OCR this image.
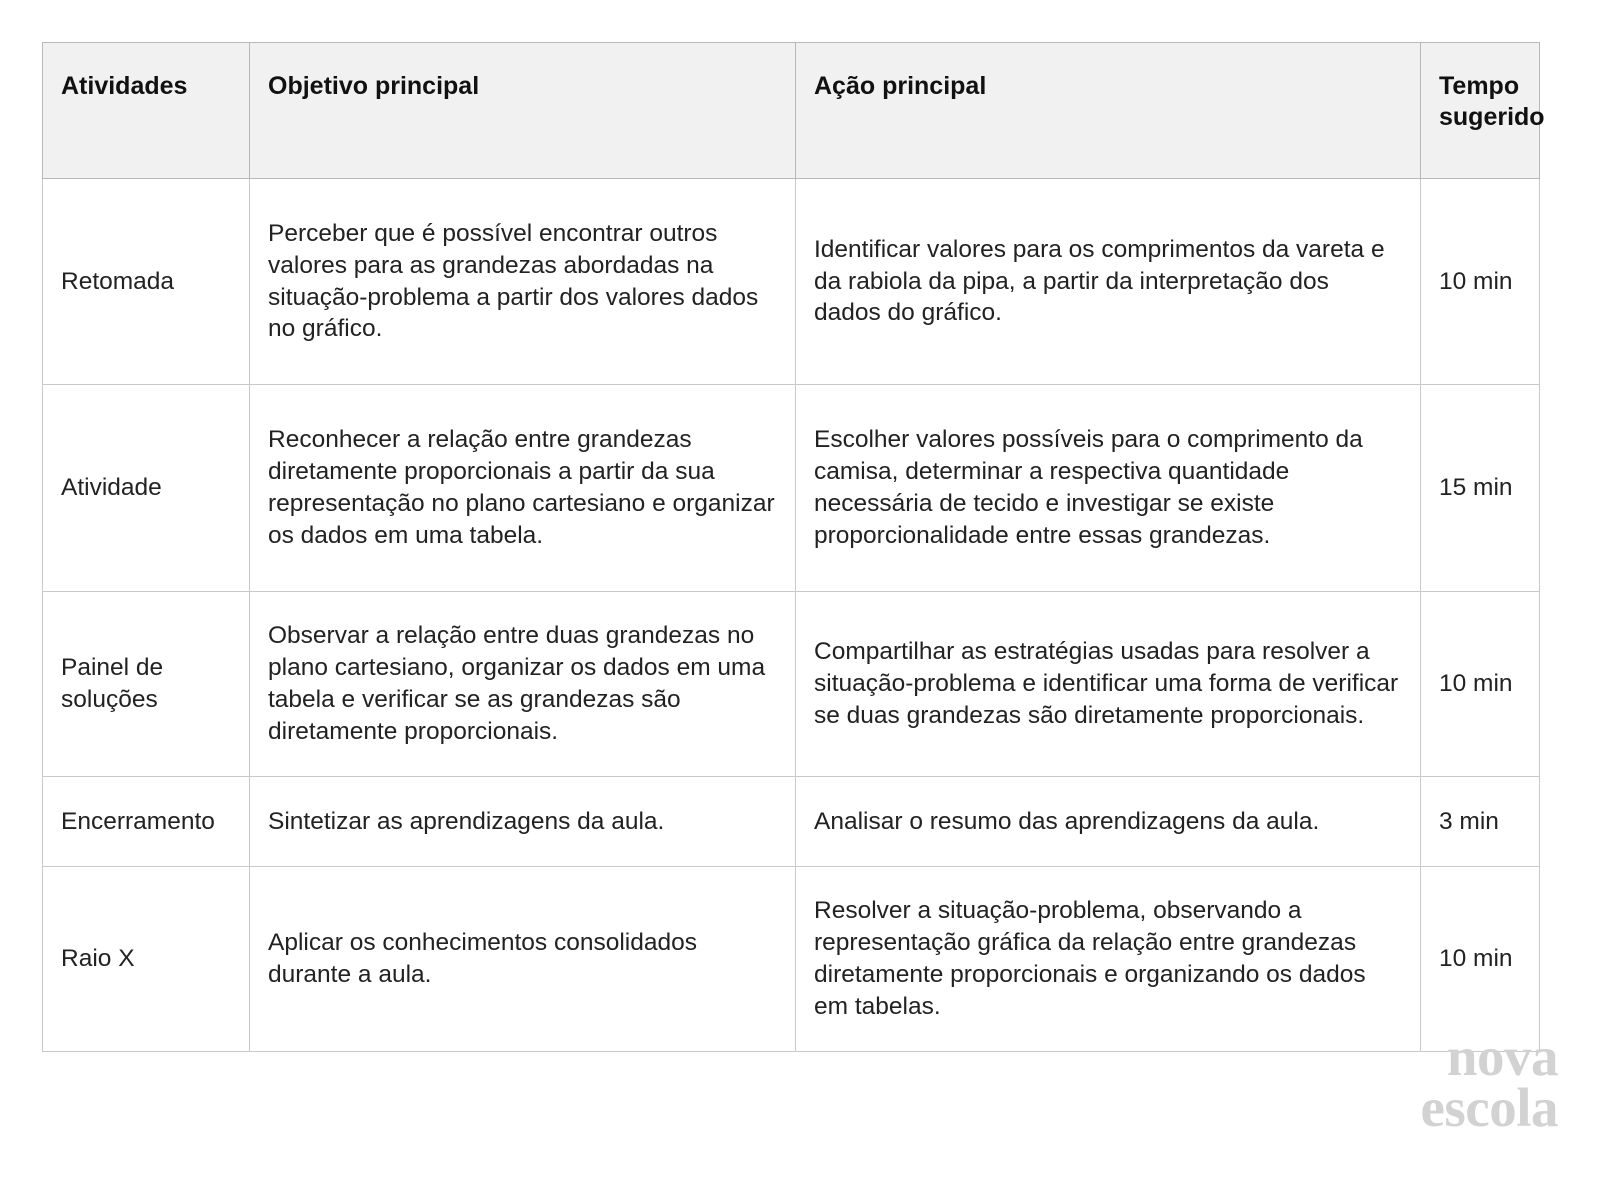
Atividades	Objetivo principal	Ação principal	Tempo sugerido
Retomada	Perceber que é possível encontrar outros valores para as grandezas abordadas na situação-problema a partir dos valores dados no gráfico.	Identificar valores para os comprimentos da vareta e da rabiola da pipa, a partir da interpretação dos dados do gráfico.	10 min
Atividade	Reconhecer a relação entre grandezas diretamente proporcionais a partir da sua representação no plano cartesiano e organizar os dados em uma tabela.	Escolher valores possíveis para o comprimento da camisa, determinar a respectiva quantidade necessária de tecido e investigar se existe proporcionalidade entre essas grandezas.	15 min
Painel de soluções	Observar a relação entre duas grandezas no plano cartesiano, organizar os dados em uma tabela e verificar se as grandezas são diretamente proporcionais.	Compartilhar as estratégias usadas para resolver a situação-problema e identificar uma forma de verificar se duas grandezas são diretamente proporcionais.	10 min
Encerramento	Sintetizar as aprendizagens da aula.	Analisar o resumo das aprendizagens da aula.	3 min
Raio X	Aplicar os conhecimentos consolidados durante a aula.	Resolver a situação-problema, observando a representação gráfica da relação entre grandezas diretamente proporcionais e organizando os dados em tabelas.	10 min
nova
escola
